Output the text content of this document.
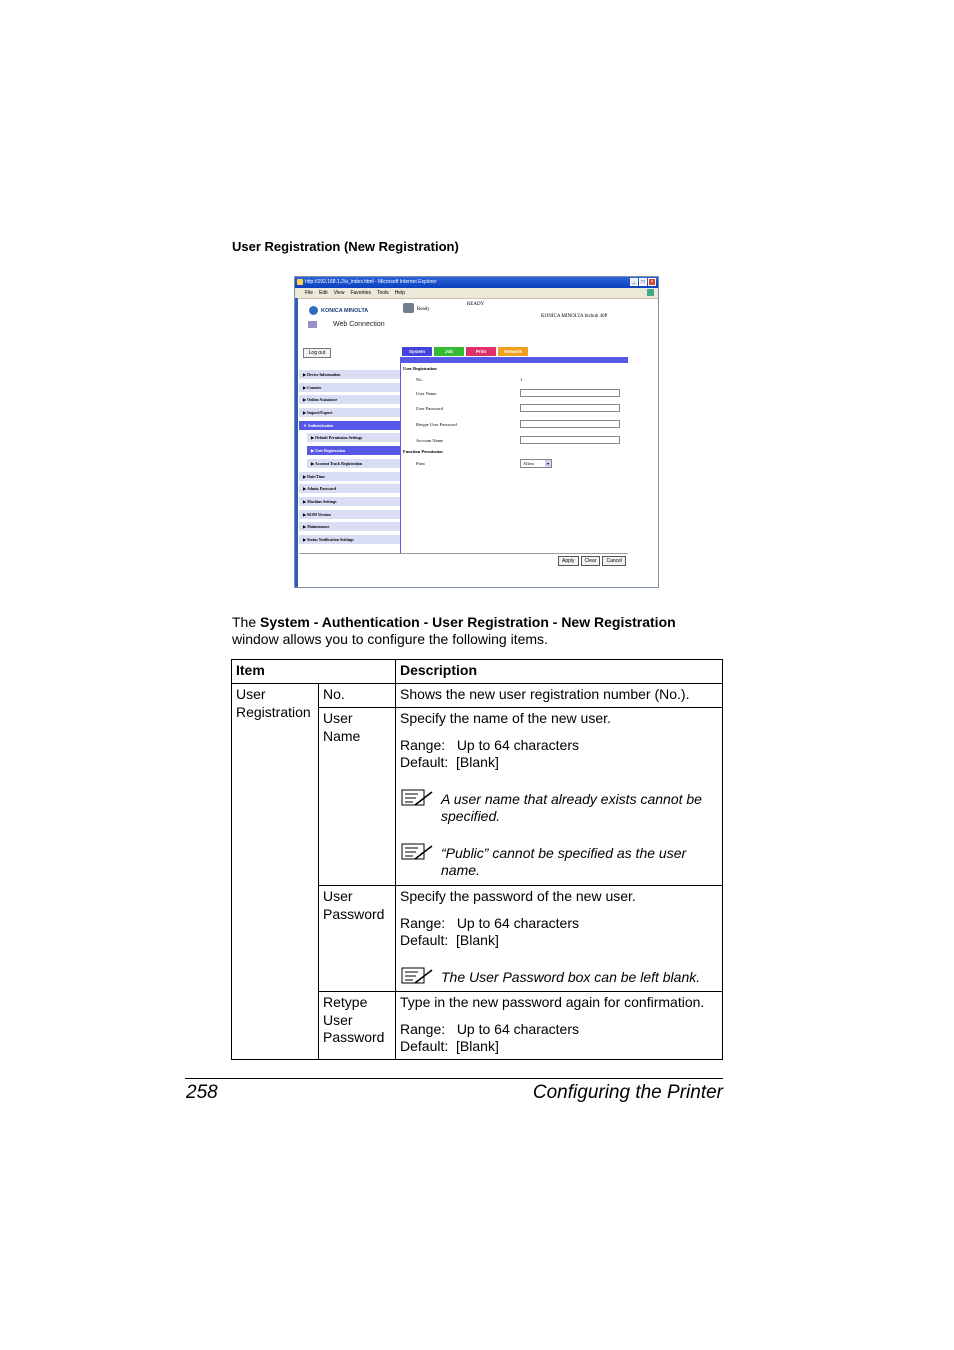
User Registration (New Registration)
http://192.168.1.2/a_index.html - Microsoft Internet Explorer	_	□	×
File Edit View Favorites Tools Help
KONICA MINOLTA
Web Connection
Ready
READY
KONICA MINOLTA bizhub 40P
Log out	System	Job	Print	Network
▶ Device Information
▶ Counter
▶ Online Assistance
▶ Import/Export
▼ Authentication
▶ Default Permission Settings
▶ User Registration
▶ Account Track Registration
▶ Date/Time
▶ Admin Password
▶ Machine Settings
▶ ROM Version
▶ Maintenance
▶ Status Notification Settings
User Registration
No.	1
User Name
User Password
Retype User Password
Account Name
Function Permission
Print	Allow	▾
Apply	Clear	Cancel
The System - Authentication - User Registration - New Registration window allows you to configure the following items.
Item		Description

User Registration	No.	Shows the new user registration number (No.).

	User Name	Specify the name of the new user.
Range:   Up to 64 characters
Default:  [Blank]
A user name that already exists cannot be specified.
“Public” cannot be specified as the user name.

	User Password	Specify the password of the new user.
Range:   Up to 64 characters
Default:  [Blank]
The User Password box can be left blank.

	Retype User Password	Type in the new password again for confirmation.
Range:   Up to 64 characters
Default:  [Blank]
258	Configuring the Printer
